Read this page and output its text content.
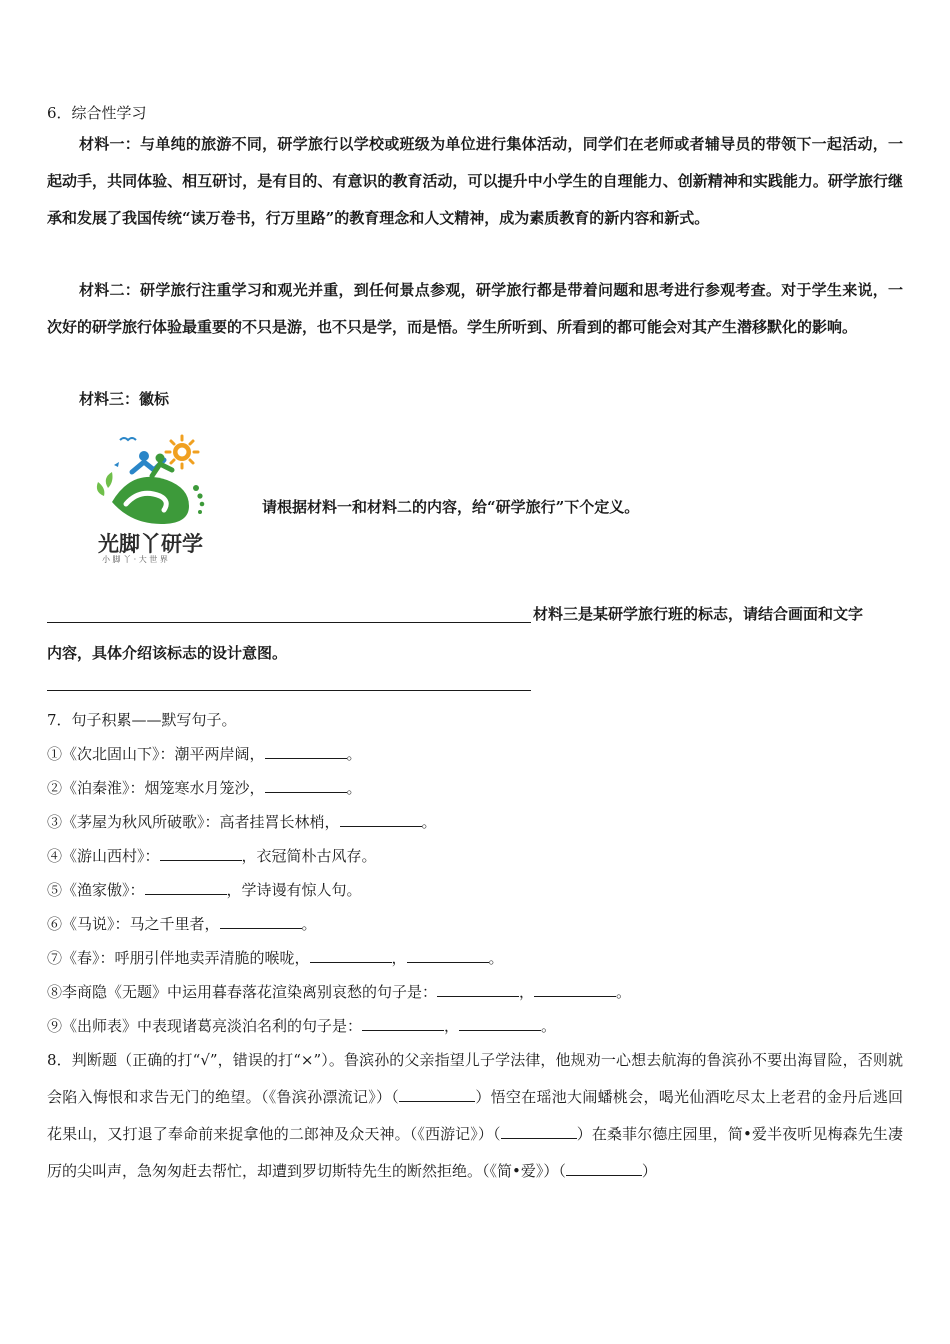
6．综合性学习
材料一：与单纯的旅游不同，研学旅行以学校或班级为单位进行集体活动，同学们在老师或者辅导员的带领下一起活动，一起动手，共同体验、相互研讨，是有目的、有意识的教育活动，可以提升中小学生的自理能力、创新精神和实践能力。研学旅行继承和发展了我国传统“读万卷书，行万里路”的教育理念和人文精神，成为素质教育的新内容和新式。
材料二：研学旅行注重学习和观光并重，到任何景点参观，研学旅行都是带着问题和思考进行参观考查。对于学生来说，一次好的研学旅行体验最重要的不只是游，也不只是学，而是悟。学生所听到、所看到的都可能会对其产生潜移默化的影响。
材料三：徽标
光脚丫研学
小 脚 丫 · 大 世 界
请根据材料一和材料二的内容，给“研学旅行”下个定义。
材料三是某研学旅行班的标志，请结合画面和文字
内容，具体介绍该标志的设计意图。
7．句子积累——默写句子。
①《次北固山下》：潮平两岸阔，	。
②《泊秦淮》：烟笼寒水月笼沙，	。
③《茅屋为秋风所破歌》：高者挂罥长林梢，	。
④《游山西村》：	，衣冠简朴古风存。
⑤《渔家傲》：	，学诗谩有惊人句。
⑥《马说》：马之千里者，	。
⑦《春》：呼朋引伴地卖弄清脆的喉咙，	，	。
⑧李商隐《无题》中运用暮春落花渲染离别哀愁的句子是：	，	。
⑨《出师表》中表现诸葛亮淡泊名利的句子是：	，	。
8．判断题（正确的打“√”，错误的打“×”）。鲁滨孙的父亲指望儿子学法律，他规劝一心想去航海的鲁滨孙不要出海冒险，否则就会陷入悔恨和求告无门的绝望。（《鲁滨孙漂流记》）（	）悟空在瑶池大闹蟠桃会，喝光仙酒吃尽太上老君的金丹后逃回花果山，又打退了奉命前来捉拿他的二郎神及众天神。（《西游记》）（	）在桑菲尔德庄园里，简•爱半夜听见梅森先生凄厉的尖叫声，急匆匆赶去帮忙，却遭到罗切斯特先生的断然拒绝。（《简•爱》）（	）
